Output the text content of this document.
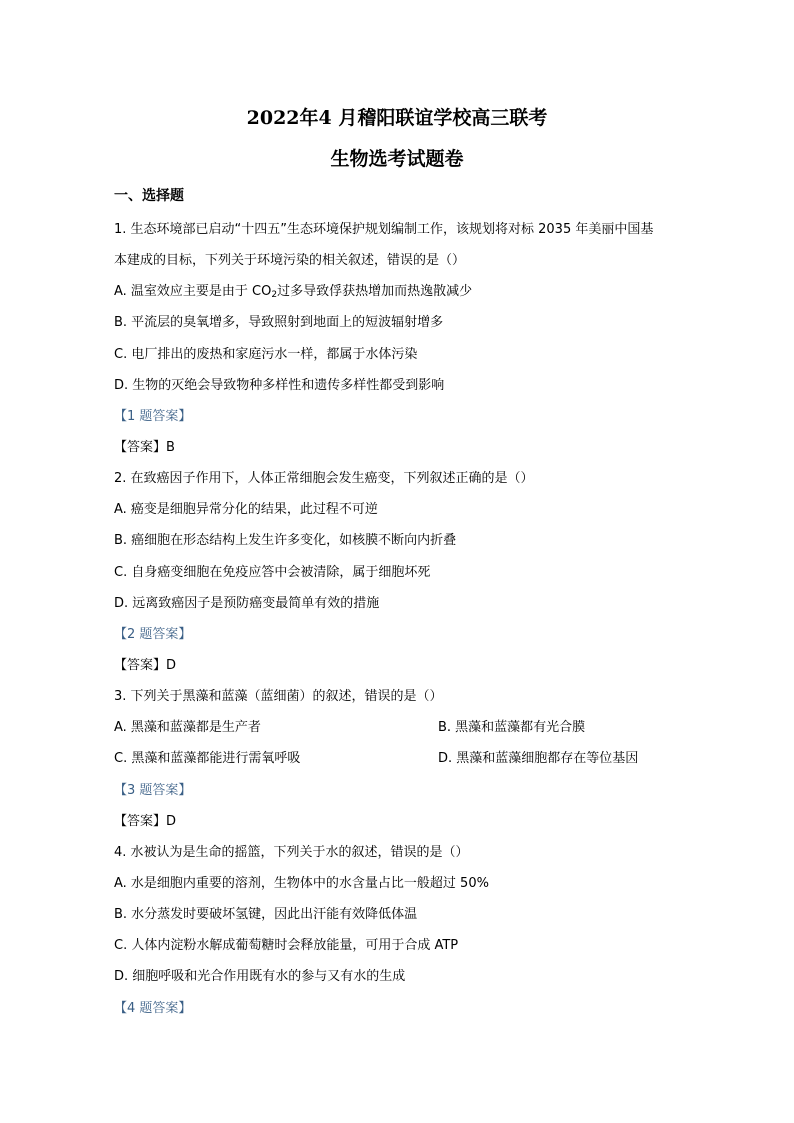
2022年4 月稽阳联谊学校高三联考
生物选考试题卷
一、选择题
1. 生态环境部已启动“十四五”生态环境保护规划编制工作，该规划将对标 2035 年美丽中国基
本建成的目标，下列关于环境污染的相关叙述，错误的是（）
A. 温室效应主要是由于 $CO_2$过多导致俘获热增加而热逸散减少
B. 平流层的臭氧增多，导致照射到地面上的短波辐射增多
C. 电厂排出的废热和家庭污水一样，都属于水体污染
D. 生物的灭绝会导致物种多样性和遗传多样性都受到影响
【1 题答案】
【答案】B
2. 在致癌因子作用下，人体正常细胞会发生癌变，下列叙述正确的是（）
A. 癌变是细胞异常分化的结果，此过程不可逆
B. 癌细胞在形态结构上发生许多变化，如核膜不断向内折叠
C. 自身癌变细胞在免疫应答中会被清除，属于细胞坏死
D. 远离致癌因子是预防癌变最简单有效的措施
【2 题答案】
【答案】D
3. 下列关于黑藻和蓝藻（蓝细菌）的叙述，错误的是（）
A. 黑藻和蓝藻都是生产者	B. 黑藻和蓝藻都有光合膜
C. 黑藻和蓝藻都能进行需氧呼吸	D. 黑藻和蓝藻细胞都存在等位基因
【3 题答案】
【答案】D
4. 水被认为是生命的摇篮，下列关于水的叙述，错误的是（）
A. 水是细胞内重要的溶剂，生物体中的水含量占比一般超过 50%
B. 水分蒸发时要破坏氢键，因此出汗能有效降低体温
C. 人体内淀粉水解成葡萄糖时会释放能量，可用于合成 ATP
D. 细胞呼吸和光合作用既有水的参与又有水的生成
【4 题答案】
